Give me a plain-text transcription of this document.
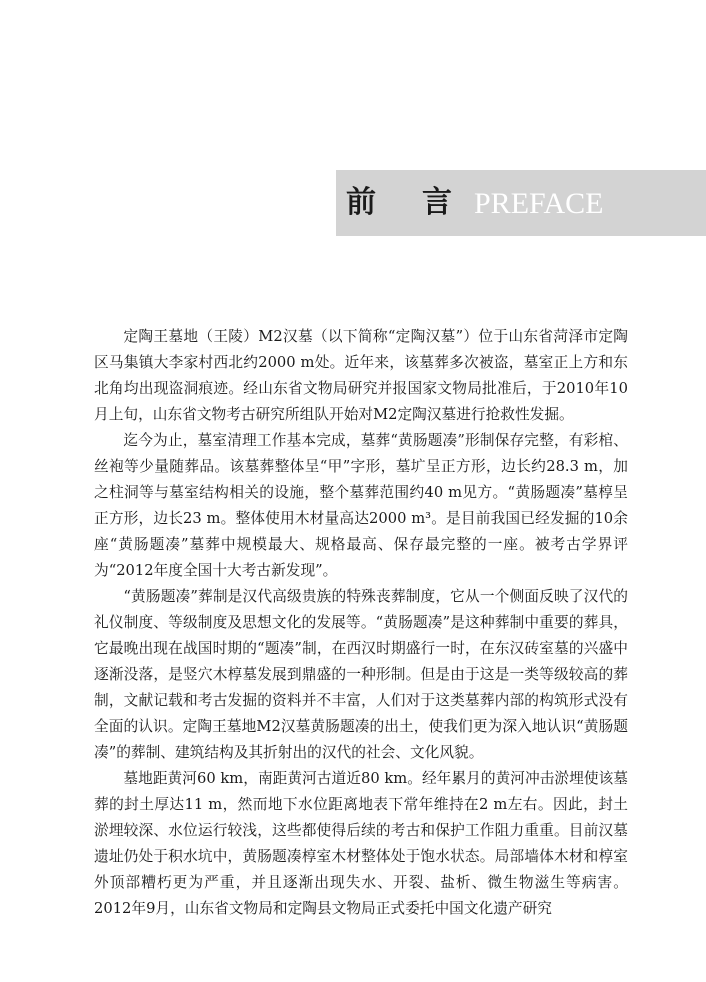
前言
PREFACE

定陶王墓地（王陵）M2汉墓（以下简称“定陶汉墓”）位于山东省菏泽市定陶区马集镇大李家村西北约2000 m处。近年来，该墓葬多次被盗，墓室正上方和东北角均出现盗洞痕迹。经山东省文物局研究并报国家文物局批准后，于2010年10月上旬，山东省文物考古研究所组队开始对M2定陶汉墓进行抢救性发掘。

迄今为止，墓室清理工作基本完成，墓葬“黄肠题凑”形制保存完整，有彩棺、丝袍等少量随葬品。该墓葬整体呈“甲”字形，墓圹呈正方形，边长约28.3 m，加之柱洞等与墓室结构相关的设施，整个墓葬范围约40 m见方。“黄肠题凑”墓椁呈正方形，边长23 m。整体使用木材量高达2000 m³。是目前我国已经发掘的10余座“黄肠题凑”墓葬中规模最大、规格最高、保存最完整的一座。被考古学界评为“2012年度全国十大考古新发现”。

“黄肠题凑”葬制是汉代高级贵族的特殊丧葬制度，它从一个侧面反映了汉代的礼仪制度、等级制度及思想文化的发展等。“黄肠题凑”是这种葬制中重要的葬具，它最晚出现在战国时期的“题凑”制，在西汉时期盛行一时，在东汉砖室墓的兴盛中逐渐没落，是竖穴木椁墓发展到鼎盛的一种形制。但是由于这是一类等级较高的葬制，文献记载和考古发掘的资料并不丰富，人们对于这类墓葬内部的构筑形式没有全面的认识。定陶王墓地M2汉墓黄肠题凑的出土，使我们更为深入地认识“黄肠题凑”的葬制、建筑结构及其折射出的汉代的社会、文化风貌。

墓地距黄河60 km，南距黄河古道近80 km。经年累月的黄河冲击淤埋使该墓葬的封土厚达11 m，然而地下水位距离地表下常年维持在2 m左右。因此，封土淤埋较深、水位运行较浅，这些都使得后续的考古和保护工作阻力重重。目前汉墓遗址仍处于积水坑中，黄肠题凑椁室木材整体处于饱水状态。局部墙体木材和椁室外顶部糟朽更为严重，并且逐渐出现失水、开裂、盐析、微生物滋生等病害。2012年9月，山东省文物局和定陶县文物局正式委托中国文化遗产研究
